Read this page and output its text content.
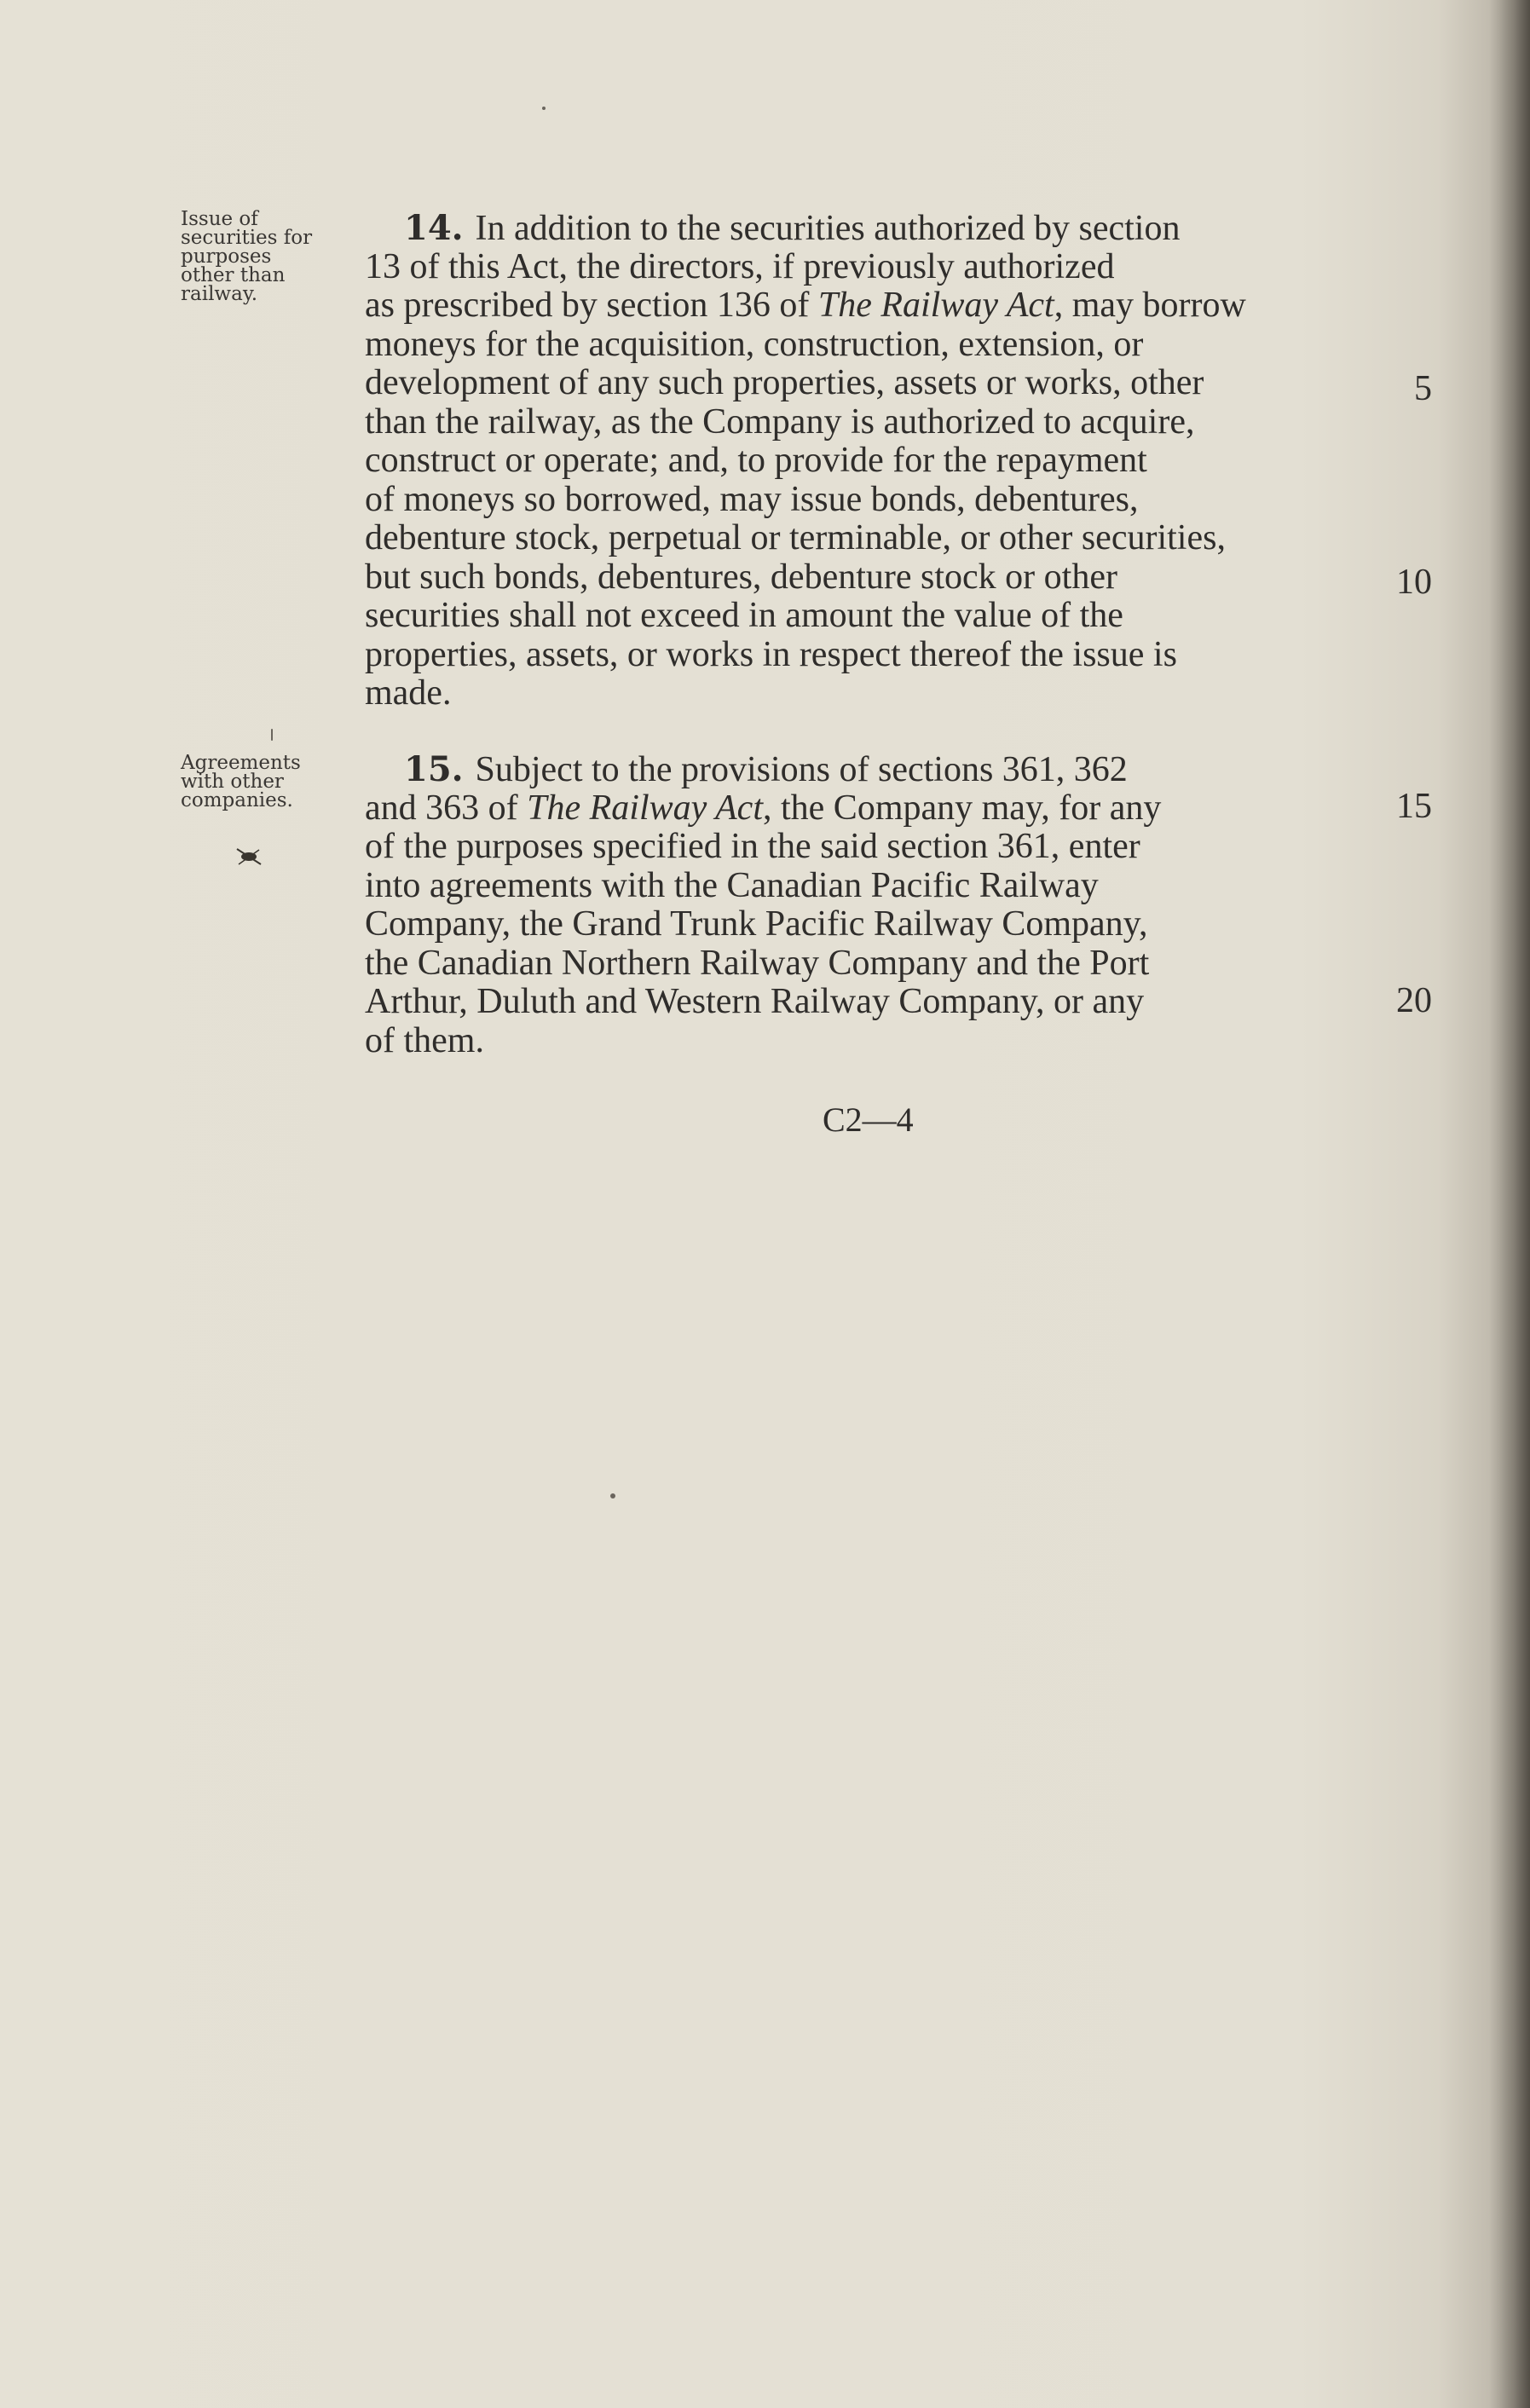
Issue of
securities for
purposes
other than
railway.
14. In addition to the securities authorized by section
13 of this Act, the directors, if previously authorized
as prescribed by section 136 of The Railway Act, may borrow
moneys for the acquisition, construction, extension, or
development of any such properties, assets or works, other
than the railway, as the Company is authorized to acquire,
construct or operate; and, to provide for the repayment
of moneys so borrowed, may issue bonds, debentures,
debenture stock, perpetual or terminable, or other securities,
but such bonds, debentures, debenture stock or other
securities shall not exceed in amount the value of the
properties, assets, or works in respect thereof the issue is
made.
5
10
Agreements
with other
companies.
15. Subject to the provisions of sections 361, 362
and 363 of The Railway Act, the Company may, for any
of the purposes specified in the said section 361, enter
into agreements with the Canadian Pacific Railway
Company, the Grand Trunk Pacific Railway Company,
the Canadian Northern Railway Company and the Port
Arthur, Duluth and Western Railway Company, or any
of them.
15
20
C2—4
